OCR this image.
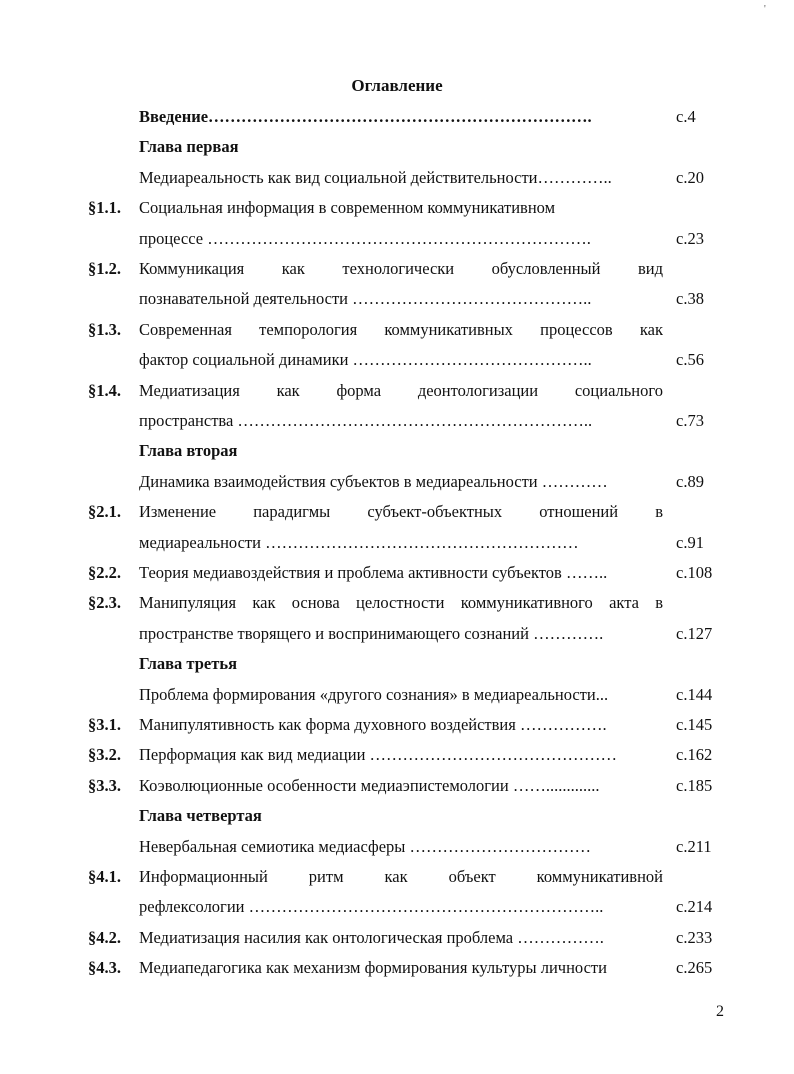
'
Оглавление
Введение…………………………………………………………….	с.4
Глава первая
Медиареальность как вид социальной действительности…………..	с.20
§1.1. Социальная информация в современном коммуникативном
процессе …………………………………………………………….	с.23
§1.2. Коммуникация как технологически обусловленный вид
познавательной деятельности ……………………………………..	с.38
§1.3. Современная темпорология коммуникативных процессов как
фактор социальной динамики ……………………………………..	с.56
§1.4. Медиатизация как форма деонтологизации социального
пространства ………………………………………………………..	с.73
Глава вторая
Динамика взаимодействия субъектов в медиареальности …………	с.89
§2.1. Изменение парадигмы субъект-объектных отношений в
медиареальности …………………………………………………	с.91
§2.2. Теория медиавоздействия и проблема активности субъектов ……..	с.108
§2.3. Манипуляция как основа целостности коммуникативного акта в
пространстве творящего и воспринимающего сознаний ………….	с.127
Глава третья
Проблема формирования «другого сознания» в медиареальности...	с.144
§3.1. Манипулятивность как форма духовного воздействия …………….	с.145
§3.2. Перформация как вид медиации ………………………………………	с.162
§3.3. Коэволюционные особенности медиаэпистемологии …….............	с.185
Глава четвертая
Невербальная семиотика медиасферы ……………………………	с.211
§4.1. Информационный ритм как объект коммуникативной
рефлексологии ………………………………………………………..	с.214
§4.2. Медиатизация насилия как онтологическая проблема …………….	с.233
§4.3. Медиапедагогика как механизм формирования культуры личности	с.265
2
